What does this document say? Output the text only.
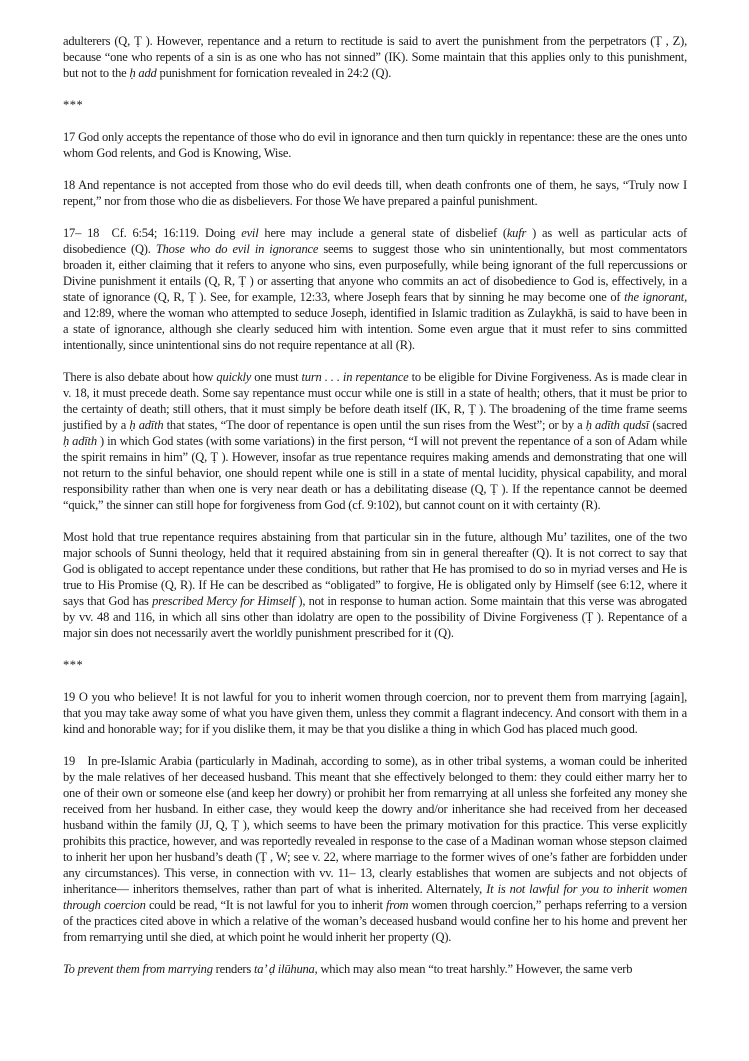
adulterers (Q, Ṭ ). However, repentance and a return to rectitude is said to avert the punishment from the perpetrators (Ṭ , Z), because “one who repents of a sin is as one who has not sinned” (IK). Some maintain that this applies only to this punishment, but not to the ḥ add punishment for fornication revealed in 24:2 (Q).

***

17 God only accepts the repentance of those who do evil in ignorance and then turn quickly in repentance: these are the ones unto whom God relents, and God is Knowing, Wise.

18 And repentance is not accepted from those who do evil deeds till, when death confronts one of them, he says, “Truly now I repent,” nor from those who die as disbelievers. For those We have prepared a painful punishment.

17– 18 Cf. 6:54; 16:119. Doing evil here may include a general state of disbelief (kufr ) as well as particular acts of disobedience (Q). Those who do evil in ignorance seems to suggest those who sin unintentionally, but most commentators broaden it, either claiming that it refers to anyone who sins, even purposefully, while being ignorant of the full repercussions or Divine punishment it entails (Q, R, Ṭ ) or asserting that anyone who commits an act of disobedience to God is, effectively, in a state of ignorance (Q, R, Ṭ ). See, for example, 12:33, where Joseph fears that by sinning he may become one of the ignorant, and 12:89, where the woman who attempted to seduce Joseph, identified in Islamic tradition as Zulaykhā, is said to have been in a state of ignorance, although she clearly seduced him with intention. Some even argue that it must refer to sins committed intentionally, since unintentional sins do not require repentance at all (R).

There is also debate about how quickly one must turn . . . in repentance to be eligible for Divine Forgiveness. As is made clear in v. 18, it must precede death. Some say repentance must occur while one is still in a state of health; others, that it must be prior to the certainty of death; still others, that it must simply be before death itself (IK, R, Ṭ ). The broadening of the time frame seems justified by a ḥ adīth that states, “The door of repentance is open until the sun rises from the West”; or by a ḥ adīth qudsī (sacred ḥ adīth ) in which God states (with some variations) in the first person, “I will not prevent the repentance of a son of Adam while the spirit remains in him” (Q, Ṭ ). However, insofar as true repentance requires making amends and demonstrating that one will not return to the sinful behavior, one should repent while one is still in a state of mental lucidity, physical capability, and moral responsibility rather than when one is very near death or has a debilitating disease (Q, Ṭ ). If the repentance cannot be deemed “quick,” the sinner can still hope for forgiveness from God (cf. 9:102), but cannot count on it with certainty (R).

Most hold that true repentance requires abstaining from that particular sin in the future, although Mu’ tazilites, one of the two major schools of Sunni theology, held that it required abstaining from sin in general thereafter (Q). It is not correct to say that God is obligated to accept repentance under these conditions, but rather that He has promised to do so in myriad verses and He is true to His Promise (Q, R). If He can be described as “obligated” to forgive, He is obligated only by Himself (see 6:12, where it says that God has prescribed Mercy for Himself ), not in response to human action. Some maintain that this verse was abrogated by vv. 48 and 116, in which all sins other than idolatry are open to the possibility of Divine Forgiveness (Ṭ ). Repentance of a major sin does not necessarily avert the worldly punishment prescribed for it (Q).

***

19 O you who believe! It is not lawful for you to inherit women through coercion, nor to prevent them from marrying [again], that you may take away some of what you have given them, unless they commit a flagrant indecency. And consort with them in a kind and honorable way; for if you dislike them, it may be that you dislike a thing in which God has placed much good.

19 In pre-Islamic Arabia (particularly in Madinah, according to some), as in other tribal systems, a woman could be inherited by the male relatives of her deceased husband. This meant that she effectively belonged to them: they could either marry her to one of their own or someone else (and keep her dowry) or prohibit her from remarrying at all unless she forfeited any money she received from her husband. In either case, they would keep the dowry and/or inheritance she had received from her deceased husband within the family (JJ, Q, Ṭ ), which seems to have been the primary motivation for this practice. This verse explicitly prohibits this practice, however, and was reportedly revealed in response to the case of a Madinan woman whose stepson claimed to inherit her upon her husband’s death (Ṭ , W; see v. 22, where marriage to the former wives of one’s father are forbidden under any circumstances). This verse, in connection with vv. 11– 13, clearly establishes that women are subjects and not objects of inheritance— inheritors themselves, rather than part of what is inherited. Alternately, It is not lawful for you to inherit women through coercion could be read, “It is not lawful for you to inherit from women through coercion,” perhaps referring to a version of the practices cited above in which a relative of the woman’s deceased husband would confine her to his home and prevent her from remarrying until she died, at which point he would inherit her property (Q).

To prevent them from marrying renders ta’ ḍ ilūhuna, which may also mean “to treat harshly.” However, the same verb
